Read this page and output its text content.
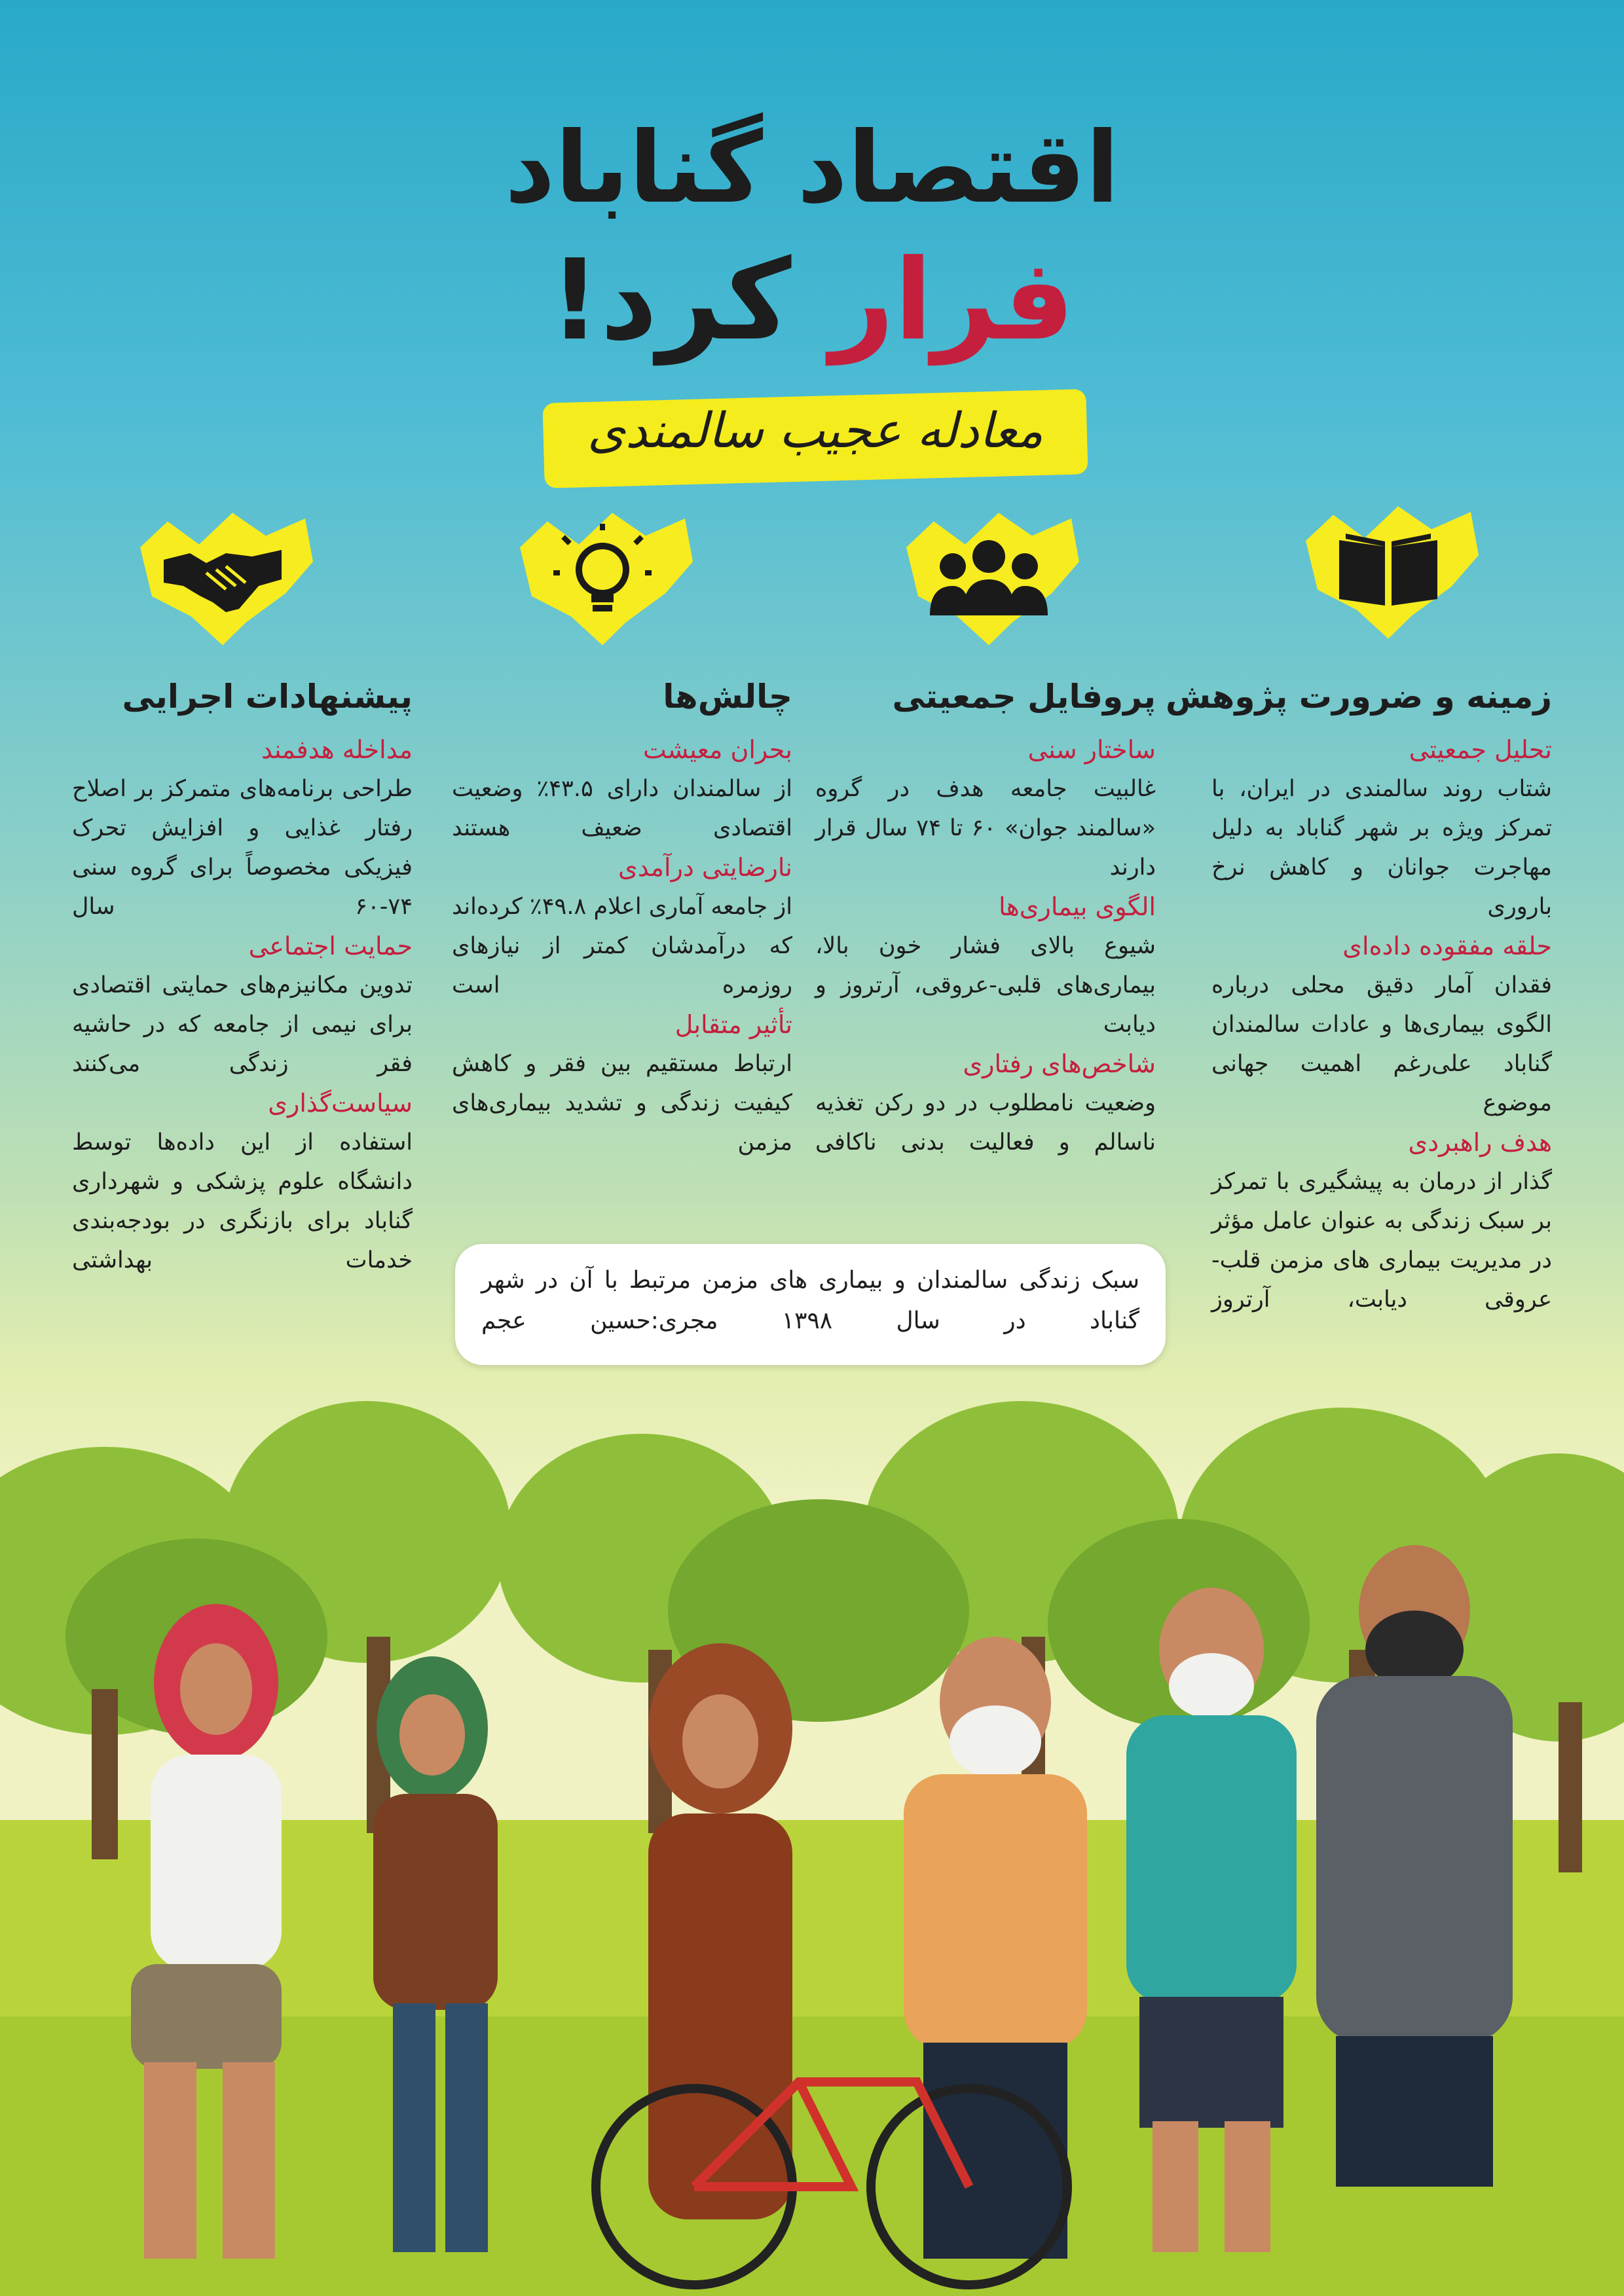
اقتصاد گناباد
فرار کرد!
معادله عجیب سالمندی
زمینه و ضرورت پژوهش
تحلیل جمعیتی
شتاب روند سالمندی در ایران، با تمرکز ویژه بر شهر گناباد به دلیل مهاجرت جوانان و کاهش نرخ باروری
حلقه مفقوده داده‌ای
فقدان آمار دقیق محلی درباره الگوی بیماری‌ها و عادات سالمندان گناباد علی‌رغم اهمیت جهانی موضوع
هدف راهبردی
گذار از درمان به پیشگیری با تمرکز بر سبک زندگی به عنوان عامل مؤثر در مدیریت بیماری های مزمن قلب-عروقی دیابت، آرتروز
پروفایل جمعیتی
ساختار سنی
غالبیت جامعه هدف در گروه «سالمند جوان» ۶۰ تا ۷۴ سال قرار دارند
الگوی بیماری‌ها
شیوع بالای فشار خون بالا، بیماری‌های قلبی-عروقی، آرتروز و دیابت
شاخص‌های رفتاری
وضعیت نامطلوب در دو رکن تغذیه ناسالم و فعالیت بدنی ناکافی
چالش‌ها
بحران معیشت
از سالمندان دارای ۴۳.۵٪ وضعیت اقتصادی ضعیف هستند
نارضایتی درآمدی
از جامعه آماری اعلام ۴۹.۸٪ کرده‌اند که درآمدشان کمتر از نیازهای روزمره است
تأثیر متقابل
ارتباط مستقیم بین فقر و کاهش کیفیت زندگی و تشدید بیماری‌های مزمن
پیشنهادات اجرایی
مداخله هدفمند
طراحی برنامه‌های متمرکز بر اصلاح رفتار غذایی و افزایش تحرک فیزیکی مخصوصاً برای گروه سنی ۷۴-۶۰ سال
حمایت اجتماعی
تدوین مکانیزم‌های حمایتی اقتصادی برای نیمی از جامعه که در حاشیه فقر زندگی می‌کنند
سیاست‌گذاری
استفاده از این داده‌ها توسط دانشگاه علوم پزشکی و شهرداری گناباد برای بازنگری در بودجه‌بندی خدمات بهداشتی
سبک زندگی سالمندان و بیماری های مزمن مرتبط با آن در شهر گناباد در سال ۱۳۹۸ مجری:حسین عجم
